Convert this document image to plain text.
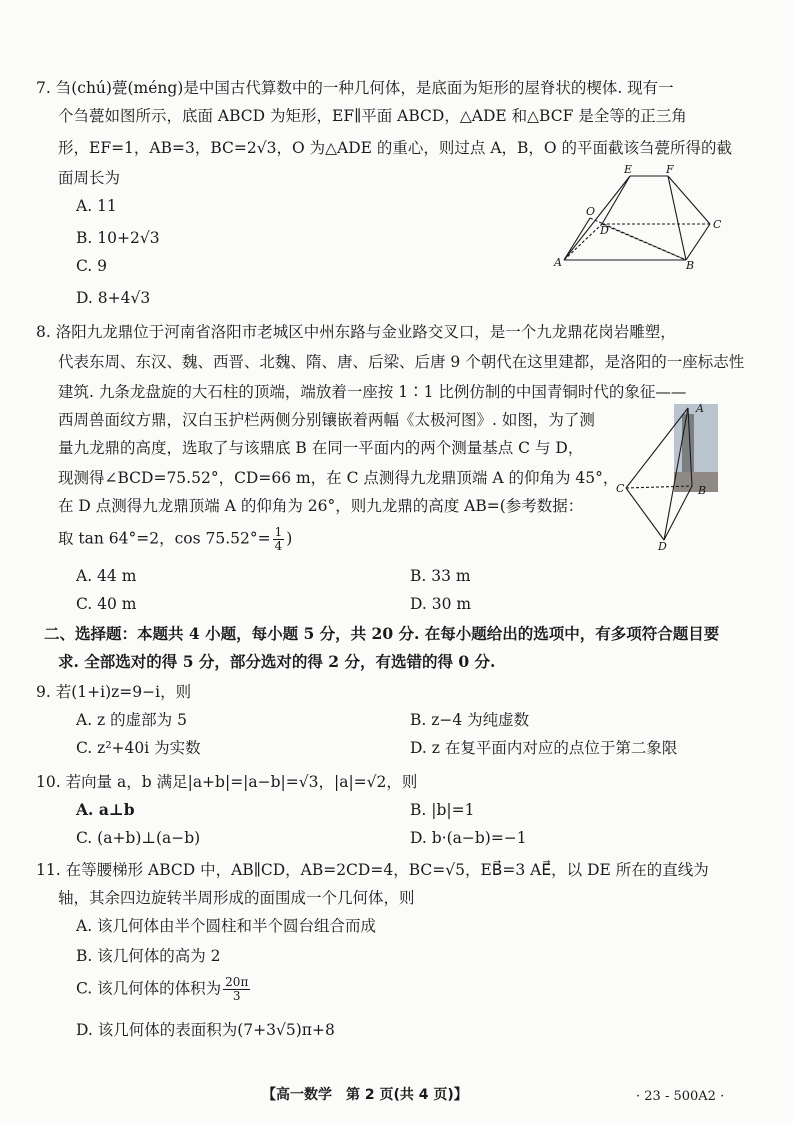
7. 刍(chú)甍(méng)是中国古代算数中的一种几何体，是底面为矩形的屋脊状的楔体. 现有一
个刍甍如图所示，底面 ABCD 为矩形，EF∥平面 ABCD，△ADE 和△BCF 是全等的正三角
形，EF=1，AB=3，BC=2√3，O 为△ADE 的重心，则过点 A，B，O 的平面截该刍甍所得的截
面周长为
A. 11
B. 10+2√3
C. 9
D. 8+4√3
E	F
O
D	C
A	B
8. 洛阳九龙鼎位于河南省洛阳市老城区中州东路与金业路交叉口，是一个九龙鼎花岗岩雕塑，
代表东周、东汉、魏、西晋、北魏、隋、唐、后梁、后唐 9 个朝代在这里建都，是洛阳的一座标志性
建筑. 九条龙盘旋的大石柱的顶端，端放着一座按 1∶1 比例仿制的中国青铜时代的象征——
西周兽面纹方鼎，汉白玉护栏两侧分别镶嵌着两幅《太极河图》. 如图，为了测
量九龙鼎的高度，选取了与该鼎底 B 在同一平面内的两个测量基点 C 与 D，
现测得∠BCD=75.52°，CD=66 m，在 C 点测得九龙鼎顶端 A 的仰角为 45°，
在 D 点测得九龙鼎顶端 A 的仰角为 26°，则九龙鼎的高度 AB=(参考数据：
取 tan 64°=2，$\cos 75.52^\circ= \frac{1}{4}$ )
A. 44 m	B. 33 m
C. 40 m	D. 30 m
A
C	B
D
二、选择题：本题共 4 小题，每小题 5 分，共 20 分. 在每小题给出的选项中，有多项符合题目要
求. 全部选对的得 5 分，部分选对的得 2 分，有选错的得 0 分.
9. 若(1+i)z=9−i，则
A. z 的虚部为 5	B. z−4 为纯虚数
C. z²+40i 为实数	D. z 在复平面内对应的点位于第二象限
10. 若向量 a，b 满足|a+b|=|a−b|=√3，|a|=√2，则
A. a⊥b	B. |b|=1
C. (a+b)⊥(a−b)	D. b·(a−b)=−1
11. 在等腰梯形 ABCD 中，AB∥CD，AB=2CD=4，BC=√5，EB⃗=3 AE⃗，以 DE 所在的直线为
轴，其余四边旋转半周形成的面围成一个几何体，则
A. 该几何体由半个圆柱和半个圆台组合而成
B. 该几何体的高为 2
C. 该几何体的体积为 $\frac{20\pi}{3}$
D. 该几何体的表面积为(7+3√5)π+8
【高一数学　第 2 页(共 4 页)】	· 23 - 500A2 ·
